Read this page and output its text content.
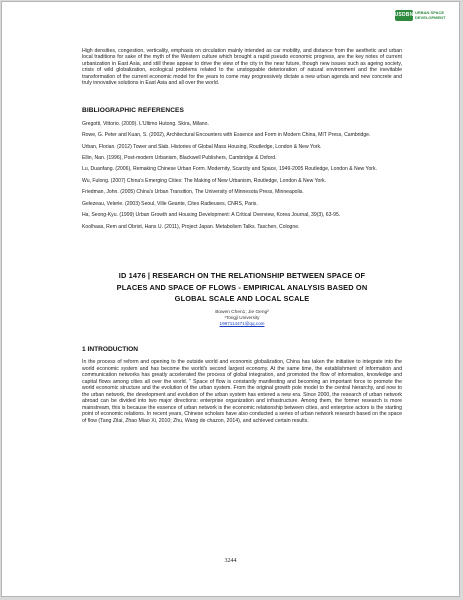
USDBN URBAN SPACE DEVELOPMENT

High densities, congestion, verticality, emphasis on circulation mainly intended as car mobility, and distance from the aesthetic and urban local traditions for sake of the myth of the Western culture which brought a rapid pseudo economic progress, are the key notes of current urbanization in East Asia, and still these appear to drive the view of the city in the near future, though new issues such as ageing society, crisis of wild globalization, ecological problems related to the unstoppable deterioration of natural environment and the inevitable transformation of the current economic model for the years to come may progressively dictate a new urban agenda and new concrete and truly innovative solutions in East Asia and all over the world.

BIBLIOGRAPHIC REFERENCES

Gregotti, Vittorio. (2009). L'Ultimo Hutong. Skira, Milano.

Rowe, G. Peter and Kuan, S. (2002), Architectural Encounters with Essence and Form in Modern China, MIT Press, Cambridge.

Urban, Florian. (2012) Tower and Slab. Histories of Global Mass Housing, Routledge, London & New York.

Ellin, Nan. (1996), Post-modern Urbanism, Blackwell Publishers, Cambridge & Oxford.

Lu, Duanfang. (2006), Remaking Chinese Urban Form. Modernity, Scarcity and Space, 1949-2005 Routledge, London & New York.

Wu, Fulong. (2007) China's Emerging Cities: The Making of New Urbanism, Routledge, London & New York.

Friedman, John. (2005) China's Urban Transition, The University of Minnesota Press, Minneapolis.

Gelezeau, Velerie. (2003) Seoul, Ville Geante, Cites Radieuses, CNRS, Paris.

Ha, Seong-Kyu. (1999) Urban Growth and Housing Development: A Critical Overview, Korea Journal, 39(3), 63-95.

Koolhaas, Rem and Obrist, Hans U. (2011), Project Japan. Metabolism Talks. Taschen, Cologne.

ID 1476 | RESEARCH ON THE RELATIONSHIP BETWEEN SPACE OF
PLACES AND SPACE OF FLOWS - EMPIRICAL ANALYSIS BASED ON
GLOBAL SCALE AND LOCAL SCALE

Bowen Chen1; Jie Geng²

¹Tongji University

1987114471@qq.com

1 INTRODUCTION

In the process of reform and opening to the outside world and economic globalization, China has taken the initiative to integrate into the world economic system and has become the world's second largest economy. At the same time, the establishment of information and communication networks has greatly accelerated the process of global integration, and promoted the flow of information, knowledge and capital flows among cities all over the world. " Space of flow is constantly manifesting and becoming an important force to promote the world economic structure and the evolution of the urban system. From the original growth pole model to the central hierarchy, and now to the urban network, the development and evolution of the urban system has entered a new era. Since 2000, the research of urban network abroad can be divided into two major directions: enterprise organization and infrastructure. Among them, the former research is more mainstream, this is because the essence of urban network is the economic relationship between cities, and enterprise actors is the starting point of economic relations. In recent years, Chinese scholars have also conducted a series of urban network research based on the space of flow (Tang Zilai, Zhao Miao Xi, 2010; Zhu, Wang de chazon, 2014), and achieved certain results.

3244
